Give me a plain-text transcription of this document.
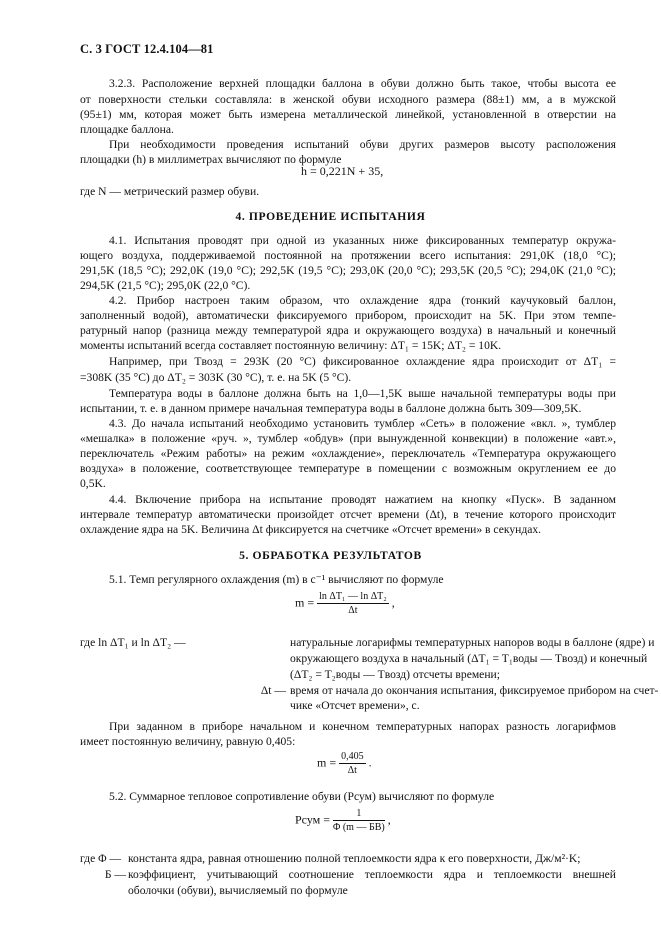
С. 3 ГОСТ 12.4.104—81
3.2.3. Расположение верхней площадки баллона в обуви должно быть такое, чтобы высота ее
от поверхности стельки составляла: в женской обуви исходного размера (88±1) мм, а в мужской
(95±1) мм, которая может быть измерена металлической линейкой, установленной в отверстии на
площадке баллона.
При необходимости проведения испытаний обуви других размеров высоту расположения
площадки (h) в миллиметрах вычисляют по формуле
h = 0,221N + 35,
где N — метрический размер обуви.
4. ПРОВЕДЕНИЕ ИСПЫТАНИЯ
4.1. Испытания проводят при одной из указанных ниже фиксированных температур окружа-
ющего воздуха, поддерживаемой постоянной на протяжении всего испытания: 291,0K (18,0 °C);
291,5K (18,5 °C); 292,0K (19,0 °C); 292,5K (19,5 °C); 293,0K (20,0 °C); 293,5K (20,5 °C); 294,0K (21,0 °C);
294,5K (21,5 °C); 295,0K (22,0 °C).
4.2. Прибор настроен таким образом, что охлаждение ядра (тонкий каучуковый баллон,
заполненный водой), автоматически фиксируемого прибором, происходит на 5K. При этом темпе-
ратурный напор (разница между температурой ядра и окружающего воздуха) в начальный и конечный
моменты испытаний всегда составляет постоянную величину: ΔT₁ = 15K; ΔT₂ = 10K.
Например, при Tвозд = 293K (20 °C) фиксированное охлаждение ядра происходит от ΔT₁ =
=308K (35 °C) до ΔT₂ = 303K (30 °C), т. е. на 5K (5 °C).
Температура воды в баллоне должна быть на 1,0—1,5K выше начальной температуры воды при
испытании, т. е. в данном примере начальная температура воды в баллоне должна быть 309—309,5K.
4.3. До начала испытаний необходимо установить тумблер «Сеть» в положение «вкл. », тумблер
«мешалка» в положение «руч. », тумблер «обдув» (при вынужденной конвекции) в положение «авт.»,
переключатель «Режим работы» на режим «охлаждение», переключатель «Температура окружающего
воздуха» в положение, соответствующее температуре в помещении с возможным округлением ее до
0,5K.
4.4. Включение прибора на испытание проводят нажатием на кнопку «Пуск». В заданном
интервале температур автоматически произойдет отсчет времени (Δt), в течение которого происходит
охлаждение ядра на 5K. Величина Δt фиксируется на счетчике «Отсчет времени» в секундах.
5. ОБРАБОТКА РЕЗУЛЬТАТОВ
5.1. Темп регулярного охлаждения (m) в с⁻¹ вычисляют по формуле
$m = \frac{\text{ln ΔT₁ — ln ΔT₂}}{\Delta t}$ ,
где ln ΔT₁ и ln ΔT₂ —	натуральные логарифмы температурных напоров воды в баллоне (ядре) и
окружающего воздуха в начальный (ΔT₁ = T₁воды — Tвозд) и конечный
(ΔT₂ = T₂воды — Tвозд) отсчеты времени;
Δt — время от начала до окончания испытания, фиксируемое прибором на счет-
чике «Отсчет времени», с.
При заданном в приборе начальном и конечном температурных напорах разность логарифмов
имеет постоянную величину, равную 0,405:
$m = \frac{0,405}{\Delta t}$ .
5.2. Суммарное тепловое сопротивление обуви (Pсум) вычисляют по формуле
Pсум = $\frac{1}{\Phi (m — БB)}$ ,
где Φ — константа ядра, равная отношению полной теплоемкости ядра к его поверхности, Дж/м²·K;
Б — коэффициент, учитывающий соотношение теплоемкости ядра и теплоемкости внешней
оболочки (обуви), вычисляемый по формуле
